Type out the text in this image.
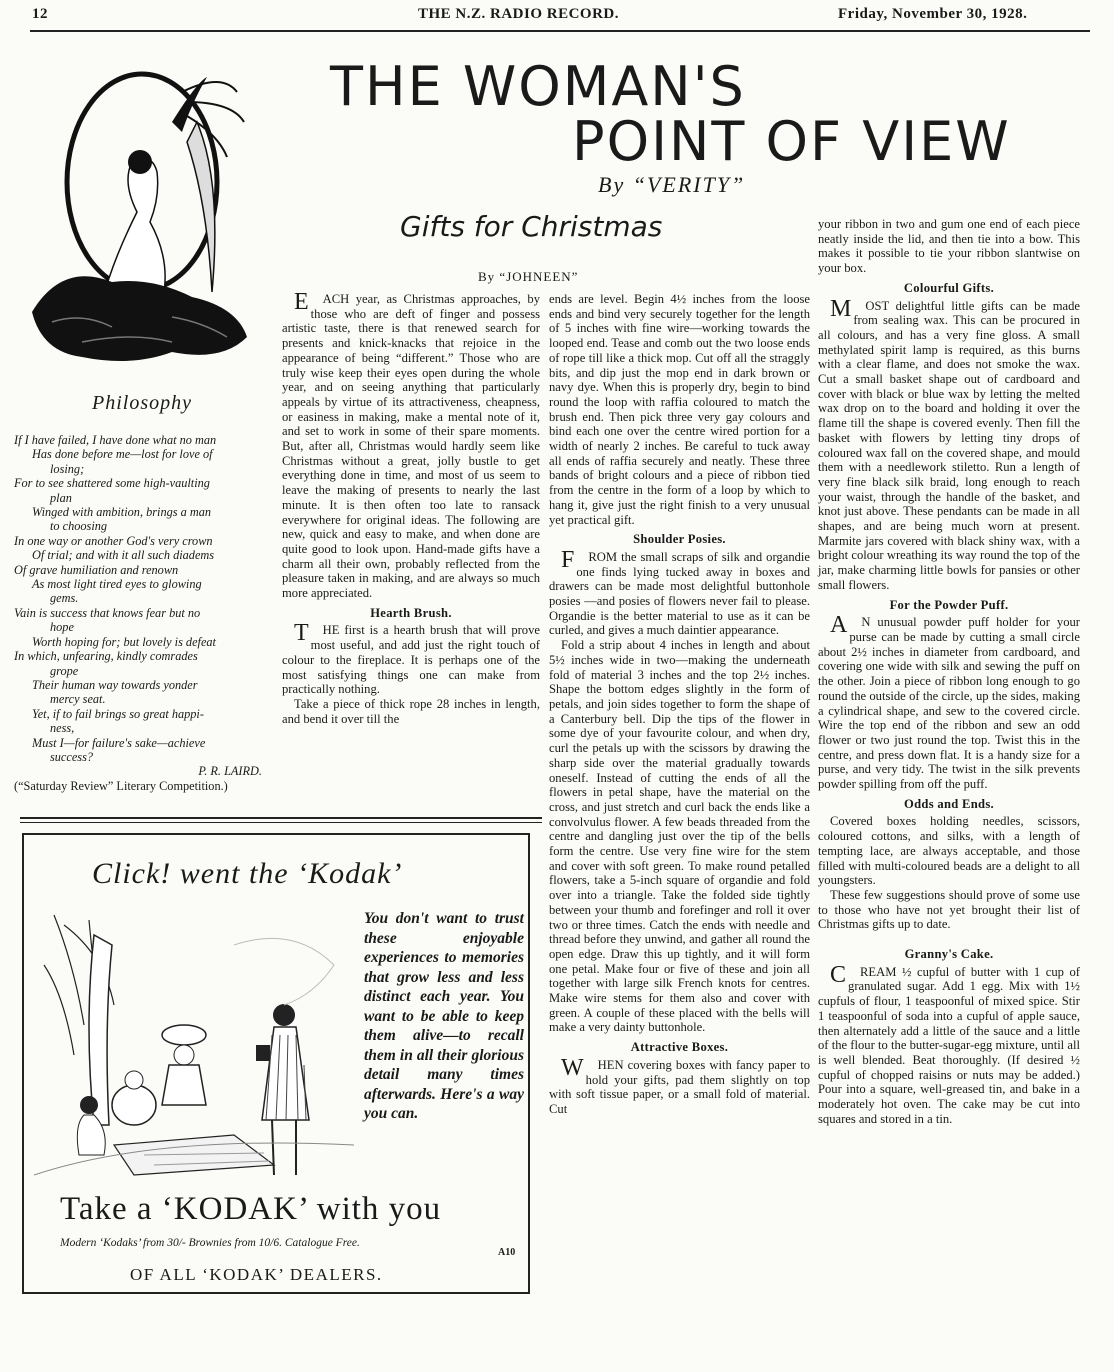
12	THE N.Z. RADIO RECORD.	Friday, November 30, 1928.
THE WOMAN'S
POINT OF VIEW
By “VERITY”
Philosophy
If I have failed, I have done what no man
Has done before me—lost for love of
losing;
For to see shattered some high-vaulting
plan
Winged with ambition, brings a man
to choosing
In one way or another God's very crown
Of trial; and with it all such diadems
Of grave humiliation and renown
As most light tired eyes to glowing
gems.
Vain is success that knows fear but no
hope
Worth hoping for; but lovely is defeat
In which, unfearing, kindly comrades
grope
Their human way towards yonder
mercy seat.
Yet, if to fail brings so great happi-
ness,
Must I—for failure's sake—achieve
success?
P. R. LAIRD.
(“Saturday Review” Literary Competition.)
Gifts for Christmas
By “JOHNEEN”

EACH year, as Christmas approaches, by those who are deft of finger and possess artistic taste, there is that renewed search for presents and knick-knacks that rejoice in the appearance of being “different.” Those who are truly wise keep their eyes open during the whole year, and on seeing anything that particularly appeals by virtue of its attractiveness, cheapness, or easiness in making, make a mental note of it, and set to work in some of their spare moments. But, after all, Christmas would hardly seem like Christmas without a great, jolly bustle to get everything done in time, and most of us seem to leave the making of presents to nearly the last minute. It is then often too late to ransack everywhere for original ideas. The following are new, quick and easy to make, and when done are quite good to look upon. Hand-made gifts have a charm all their own, probably reflected from the pleasure taken in making, and are always so much more appreciated.

Hearth Brush.

THE first is a hearth brush that will prove most useful, and add just the right touch of colour to the fireplace. It is perhaps one of the most satisfying things one can make from practically nothing.

Take a piece of thick rope 28 inches in length, and bend it over till the

ends are level. Begin 4½ inches from the loose ends and bind very securely together for the length of 5 inches with fine wire—working towards the looped end. Tease and comb out the two loose ends of rope till like a thick mop. Cut off all the straggly bits, and dip just the mop end in dark brown or navy dye. When this is properly dry, begin to bind round the loop with raffia coloured to match the brush end. Then pick three very gay colours and bind each one over the centre wired portion for a width of nearly 2 inches. Be careful to tuck away all ends of raffia securely and neatly. These three bands of bright colours and a piece of ribbon tied from the centre in the form of a loop by which to hang it, give just the right finish to a very unusual yet practical gift.

Shoulder Posies.

FROM the small scraps of silk and organdie one finds lying tucked away in boxes and drawers can be made most delightful buttonhole posies —and posies of flowers never fail to please. Organdie is the better material to use as it can be curled, and gives a much daintier appearance.

Fold a strip about 4 inches in length and about 5½ inches wide in two—making the underneath fold of material 3 inches and the top 2½ inches. Shape the bottom edges slightly in the form of petals, and join sides together to form the shape of a Canterbury bell. Dip the tips of the flower in some dye of your favourite colour, and when dry, curl the petals up with the scissors by drawing the sharp side over the material gradually towards oneself. Instead of cutting the ends of all the flowers in petal shape, have the material on the cross, and just stretch and curl back the ends like a convolvulus flower. A few beads threaded from the centre and dangling just over the tip of the bells form the centre. Use very fine wire for the stem and cover with soft green. To make round petalled flowers, take a 5-inch square of organdie and fold over into a triangle. Take the folded side tightly between your thumb and forefinger and roll it over two or three times. Catch the ends with needle and thread before they unwind, and gather all round the open edge. Draw this up tightly, and it will form one petal. Make four or five of these and join all together with large silk French knots for centres. Make wire stems for them also and cover with green. A couple of these placed with the bells will make a very dainty buttonhole.

Attractive Boxes.

WHEN covering boxes with fancy paper to hold your gifts, pad them slightly on top with soft tissue paper, or a small fold of material. Cut

your ribbon in two and gum one end of each piece neatly inside the lid, and then tie into a bow. This makes it possible to tie your ribbon slantwise on your box.

Colourful Gifts.

MOST delightful little gifts can be made from sealing wax. This can be procured in all colours, and has a very fine gloss. A small methylated spirit lamp is required, as this burns with a clear flame, and does not smoke the wax. Cut a small basket shape out of cardboard and cover with black or blue wax by letting the melted wax drop on to the board and holding it over the flame till the shape is covered evenly. Then fill the basket with flowers by letting tiny drops of coloured wax fall on the covered shape, and mould them with a needlework stiletto. Run a length of very fine black silk braid, long enough to reach your waist, through the handle of the basket, and knot just above. These pendants can be made in all shapes, and are being much worn at present. Marmite jars covered with black shiny wax, with a bright colour wreathing its way round the top of the jar, make charming little bowls for pansies or other small flowers.

For the Powder Puff.

AN unusual powder puff holder for your purse can be made by cutting a small circle about 2½ inches in diameter from cardboard, and covering one wide with silk and sewing the puff on the other. Join a piece of ribbon long enough to go round the outside of the circle, up the sides, making a cylindrical shape, and sew to the covered circle. Wire the top end of the ribbon and sew an odd flower or two just round the top. Twist this in the centre, and press down flat. It is a handy size for a purse, and very tidy. The twist in the silk prevents powder spilling from off the puff.

Odds and Ends.

Covered boxes holding needles, scissors, coloured cottons, and silks, with a length of tempting lace, are always acceptable, and those filled with multi-coloured beads are a delight to all youngsters.

These few suggestions should prove of some use to those who have not yet brought their list of Christmas gifts up to date.

Granny's Cake.

CREAM ½ cupful of butter with 1 cup of granulated sugar. Add 1 egg. Mix with 1½ cupfuls of flour, 1 teaspoonful of mixed spice. Stir 1 teaspoonful of soda into a cupful of apple sauce, then alternately add a little of the sauce and a little of the flour to the butter-sugar-egg mixture, until all is well blended. Beat thoroughly. (If desired ½ cupful of chopped raisins or nuts may be added.) Pour into a square, well-greased tin, and bake in a moderately hot oven. The cake may be cut into squares and stored in a tin.

Click! went the ‘Kodak’
You don't want to trust these enjoyable experiences to memories that grow less and less distinct each year. You want to be able to keep them alive—to recall them in all their glorious detail many times afterwards. Here's a way you can.
Take a ‘KODAK’ with you
Modern ‘Kodaks’ from 30/- Brownies from 10/6. Catalogue Free.
A10
OF ALL ‘KODAK’ DEALERS.
